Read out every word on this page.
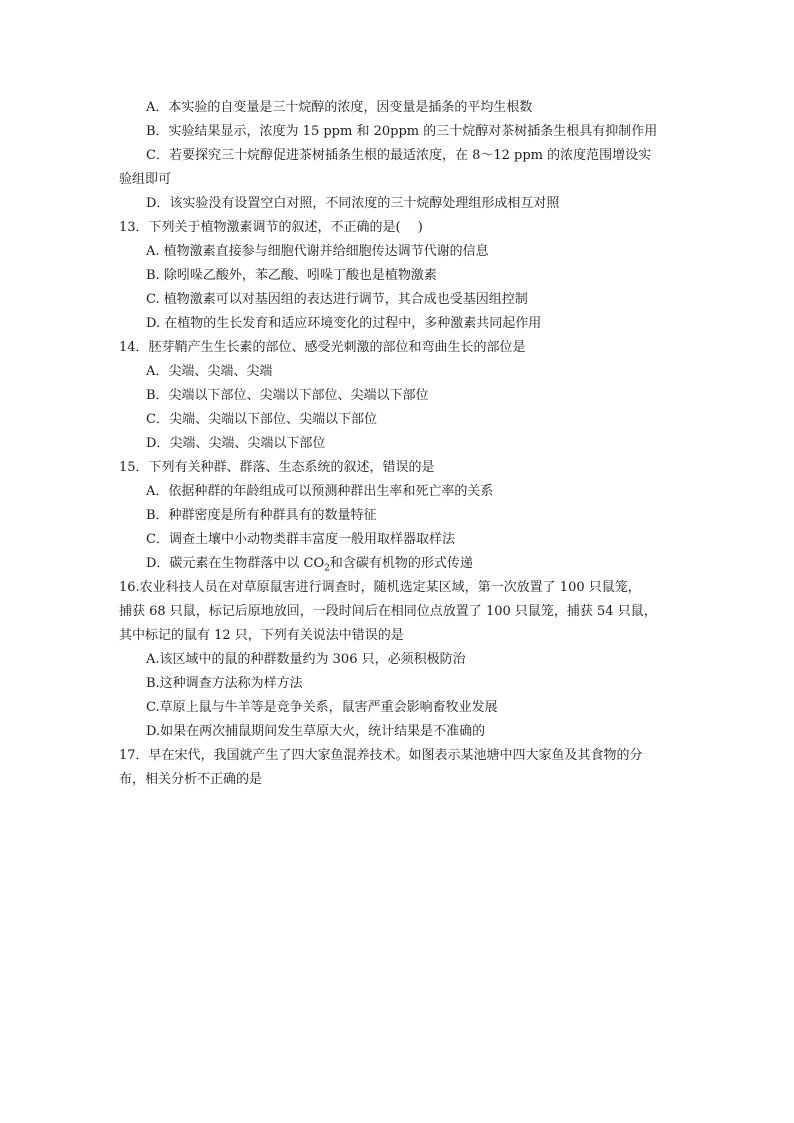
A．本实验的自变量是三十烷醇的浓度，因变量是插条的平均生根数
B．实验结果显示，浓度为 15 ppm 和 20ppm 的三十烷醇对茶树插条生根具有抑制作用
C．若要探究三十烷醇促进茶树插条生根的最适浓度，在 8～12 ppm 的浓度范围增设实
验组即可
D．该实验没有设置空白对照，不同浓度的三十烷醇处理组形成相互对照
13．下列关于植物激素调节的叙述，不正确的是(　 )
A. 植物激素直接参与细胞代谢并给细胞传达调节代谢的信息
B. 除吲哚乙酸外，苯乙酸、吲哚丁酸也是植物激素
C. 植物激素可以对基因组的表达进行调节，其合成也受基因组控制
D. 在植物的生长发育和适应环境变化的过程中，多种激素共同起作用
14．胚芽鞘产生生长素的部位、感受光刺激的部位和弯曲生长的部位是
A．尖端、尖端、尖端
B．尖端以下部位、尖端以下部位、尖端以下部位
C．尖端、尖端以下部位、尖端以下部位
D．尖端、尖端、尖端以下部位
15．下列有关种群、群落、生态系统的叙述，错误的是
A．依据种群的年龄组成可以预测种群出生率和死亡率的关系
B．种群密度是所有种群具有的数量特征
C．调查土壤中小动物类群丰富度一般用取样器取样法
D．碳元素在生物群落中以 $CO_2$和含碳有机物的形式传递
16.农业科技人员在对草原鼠害进行调查时，随机选定某区域，第一次放置了 100 只鼠笼，
捕获 68 只鼠，标记后原地放回，一段时间后在相同位点放置了 100 只鼠笼，捕获 54 只鼠，
其中标记的鼠有 12 只，下列有关说法中错误的是
A.该区域中的鼠的种群数量约为 306 只，必须积极防治
B.这种调查方法称为样方法
C.草原上鼠与牛羊等是竞争关系，鼠害严重会影响畜牧业发展
D.如果在两次捕鼠期间发生草原大火，统计结果是不准确的
17．早在宋代，我国就产生了四大家鱼混养技术。如图表示某池塘中四大家鱼及其食物的分
布，相关分析不正确的是
